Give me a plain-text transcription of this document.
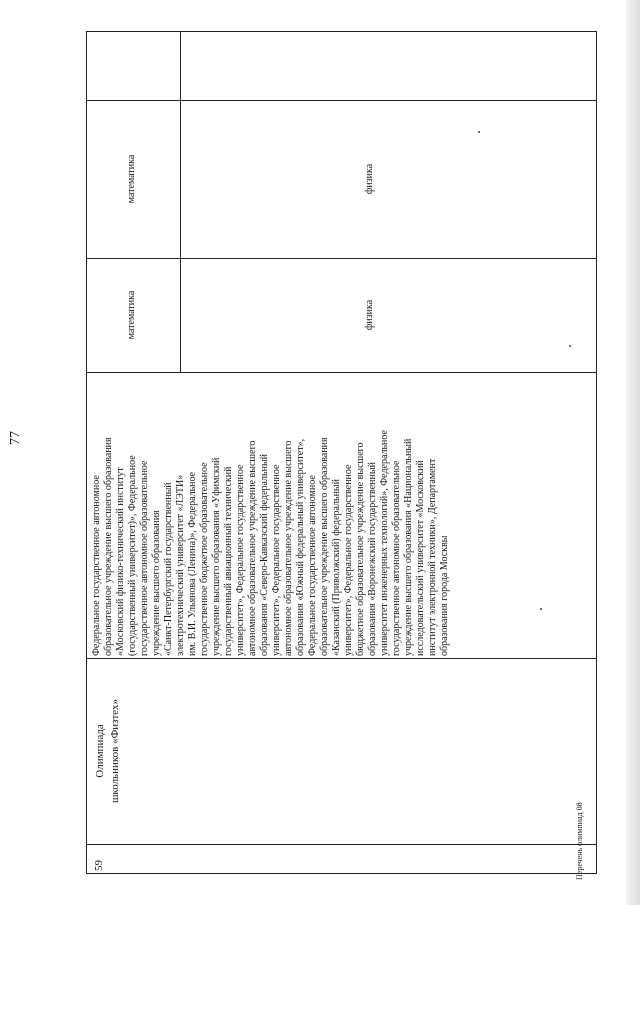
77
59
Олимпиада
школьников «Физтех»
Федеральное государственное автономное образовательное учреждение высшего образования «Московский физико-технический институт (государственный университет)», Федеральное государственное автономное образовательное учреждение высшего образования «Санкт-Петербургский государственный электротехнический университет «ЛЭТИ» им. В.И. Ульянова (Ленина)», Федеральное государственное бюджетное образовательное учреждение высшего образования «Уфимский государственный авиационный технический университет», Федеральное государственное автономное образовательное учреждение высшего образования «Северо-Кавказский федеральный университет», Федеральное государственное автономное образовательное учреждение высшего образования «Южный федеральный университет», Федеральное государственное автономное образовательное учреждение высшего образования «Казанский (Приволжский) федеральный университет», Федеральное государственное бюджетное образовательное учреждение высшего образования «Воронежский государственный университет инженерных технологий», Федеральное государственное автономное образовательное учреждение высшего образования «Национальный исследовательский университет «Московский институт электронной техники», Департамент образования города Москвы
математика
математика
физика
физика
Перечень олимпиад 08
